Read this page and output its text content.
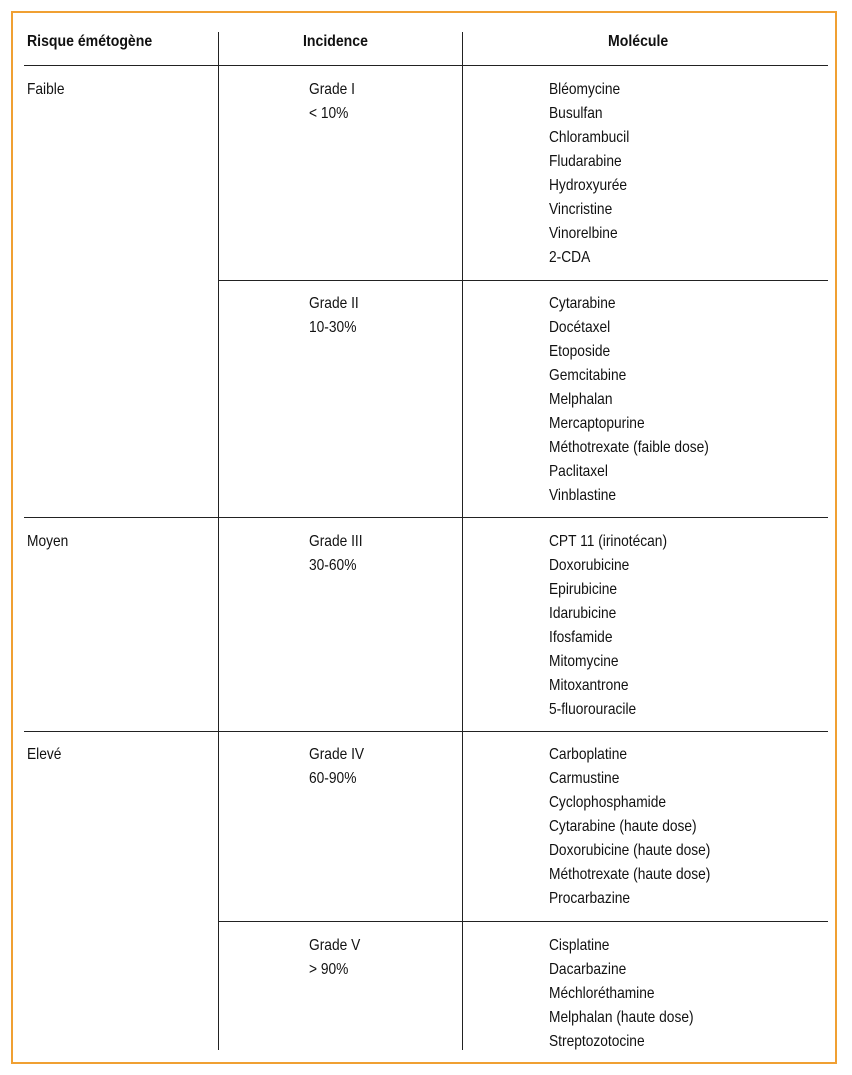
Risque émétogène	Incidence	Molécule
Faible
Moyen
Elevé
Grade I
< 10%
Grade II
10-30%
Grade III
30-60%
Grade IV
60-90%
Grade V
> 90%
Bléomycine
Busulfan
Chlorambucil
Fludarabine
Hydroxyurée
Vincristine
Vinorelbine
2-CDA
Cytarabine
Docétaxel
Etoposide
Gemcitabine
Melphalan
Mercaptopurine
Méthotrexate (faible dose)
Paclitaxel
Vinblastine
CPT 11 (irinotécan)
Doxorubicine
Epirubicine
Idarubicine
Ifosfamide
Mitomycine
Mitoxantrone
5-fluorouracile
Carboplatine
Carmustine
Cyclophosphamide
Cytarabine (haute dose)
Doxorubicine (haute dose)
Méthotrexate (haute dose)
Procarbazine
Cisplatine
Dacarbazine
Méchloréthamine
Melphalan (haute dose)
Streptozotocine
